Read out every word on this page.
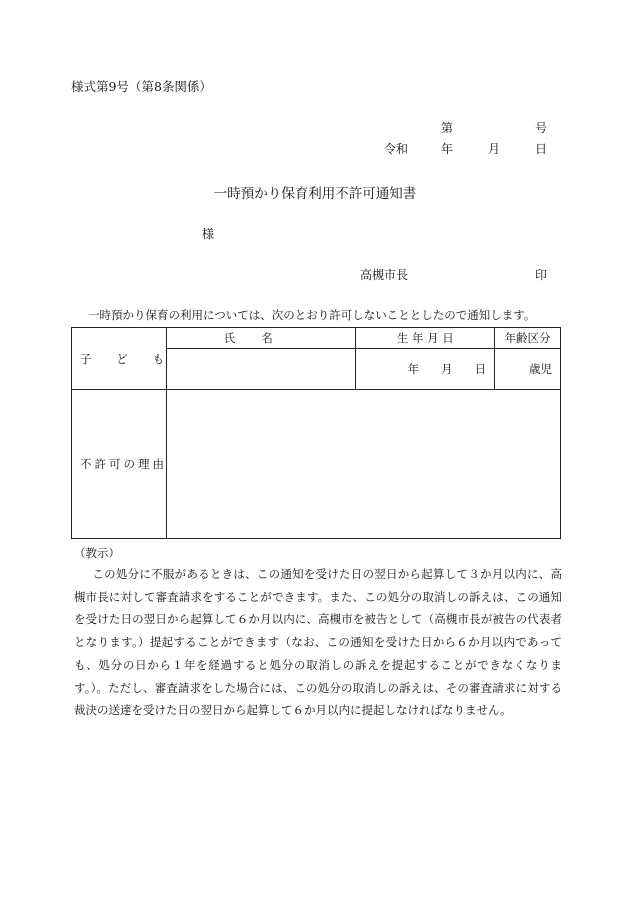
様式第9号（第8条関係）
第	号
令和	年	月	日
一時預かり保育利用不許可通知書
様
高槻市長	印
一時預かり保育の利用については、次のとおり許可しないこととしたので通知します。
子ども	氏名	生 年 月 日	年齢区分
		年 月 日	歳児
不許可の理由			
（教示）
この処分に不服があるときは、この通知を受けた日の翌日から起算して３か月以内に、高槻市長に対して審査請求をすることができます。また、この処分の取消しの訴えは、この通知を受けた日の翌日から起算して６か月以内に、高槻市を被告として（高槻市長が被告の代表者となります。）提起することができます（なお、この通知を受けた日から６か月以内であっても、処分の日から１年を経過すると処分の取消しの訴えを提起することができなくなります。）。ただし、審査請求をした場合には、この処分の取消しの訴えは、その審査請求に対する裁決の送達を受けた日の翌日から起算して６か月以内に提起しなければなりません。
